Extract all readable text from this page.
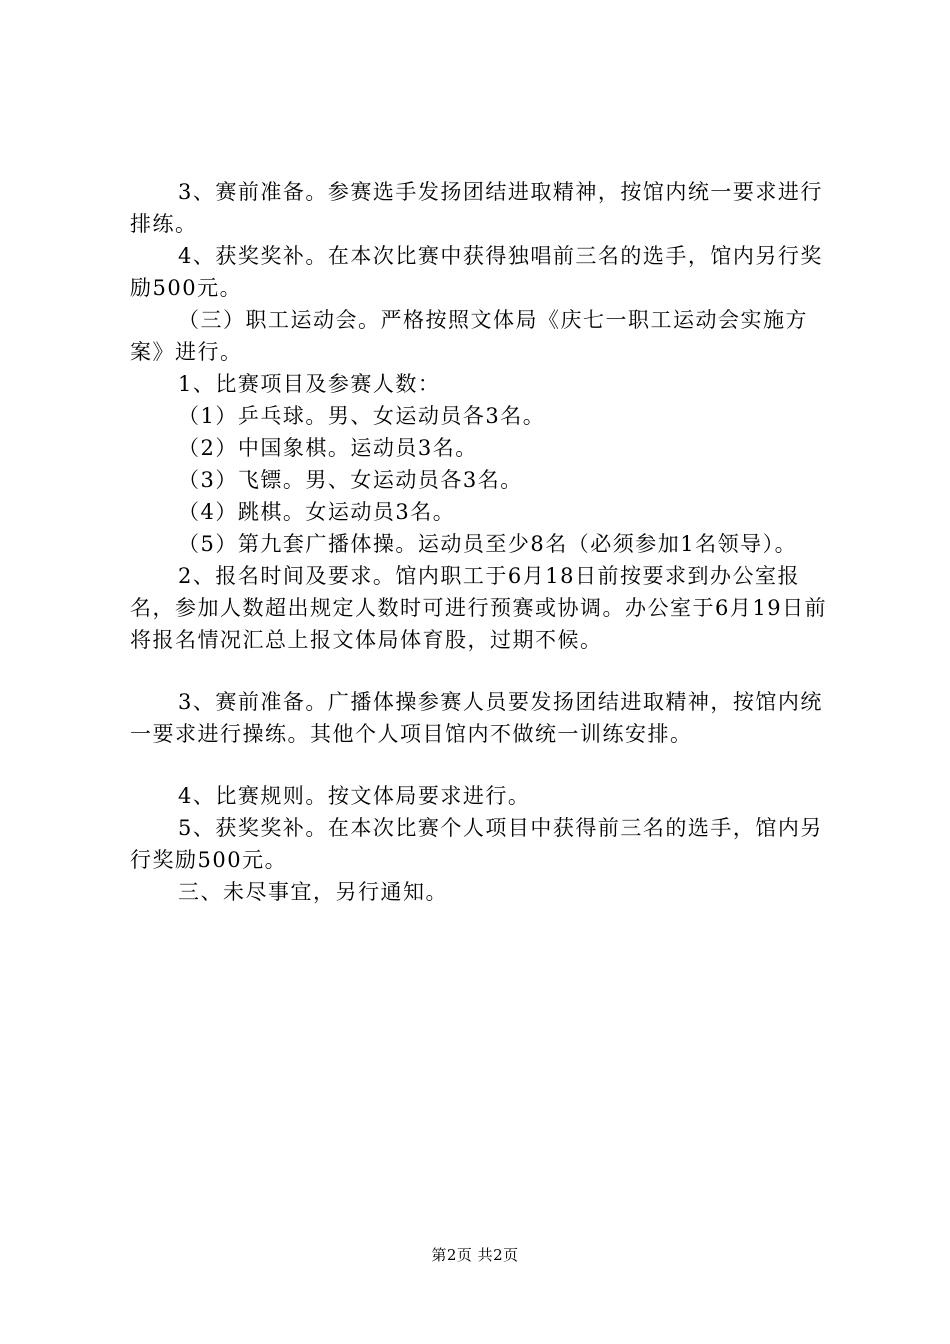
3、赛前准备。参赛选手发扬团结进取精神，按馆内统一要求进行排练。

4、获奖奖补。在本次比赛中获得独唱前三名的选手，馆内另行奖励500元。

（三）职工运动会。严格按照文体局《庆七一职工运动会实施方案》进行。

1、比赛项目及参赛人数：

（1）乒乓球。男、女运动员各3名。

（2）中国象棋。运动员3名。

（3）飞镖。男、女运动员各3名。

（4）跳棋。女运动员3名。

（5）第九套广播体操。运动员至少8名（必须参加1名领导）。

2、报名时间及要求。馆内职工于6月18日前按要求到办公室报名，参加人数超出规定人数时可进行预赛或协调。办公室于6月19日前将报名情况汇总上报文体局体育股，过期不候。

3、赛前准备。广播体操参赛人员要发扬团结进取精神，按馆内统一要求进行操练。其他个人项目馆内不做统一训练安排。

4、比赛规则。按文体局要求进行。

5、获奖奖补。在本次比赛个人项目中获得前三名的选手，馆内另行奖励500元。

三、未尽事宜，另行通知。

第2页 共2页
